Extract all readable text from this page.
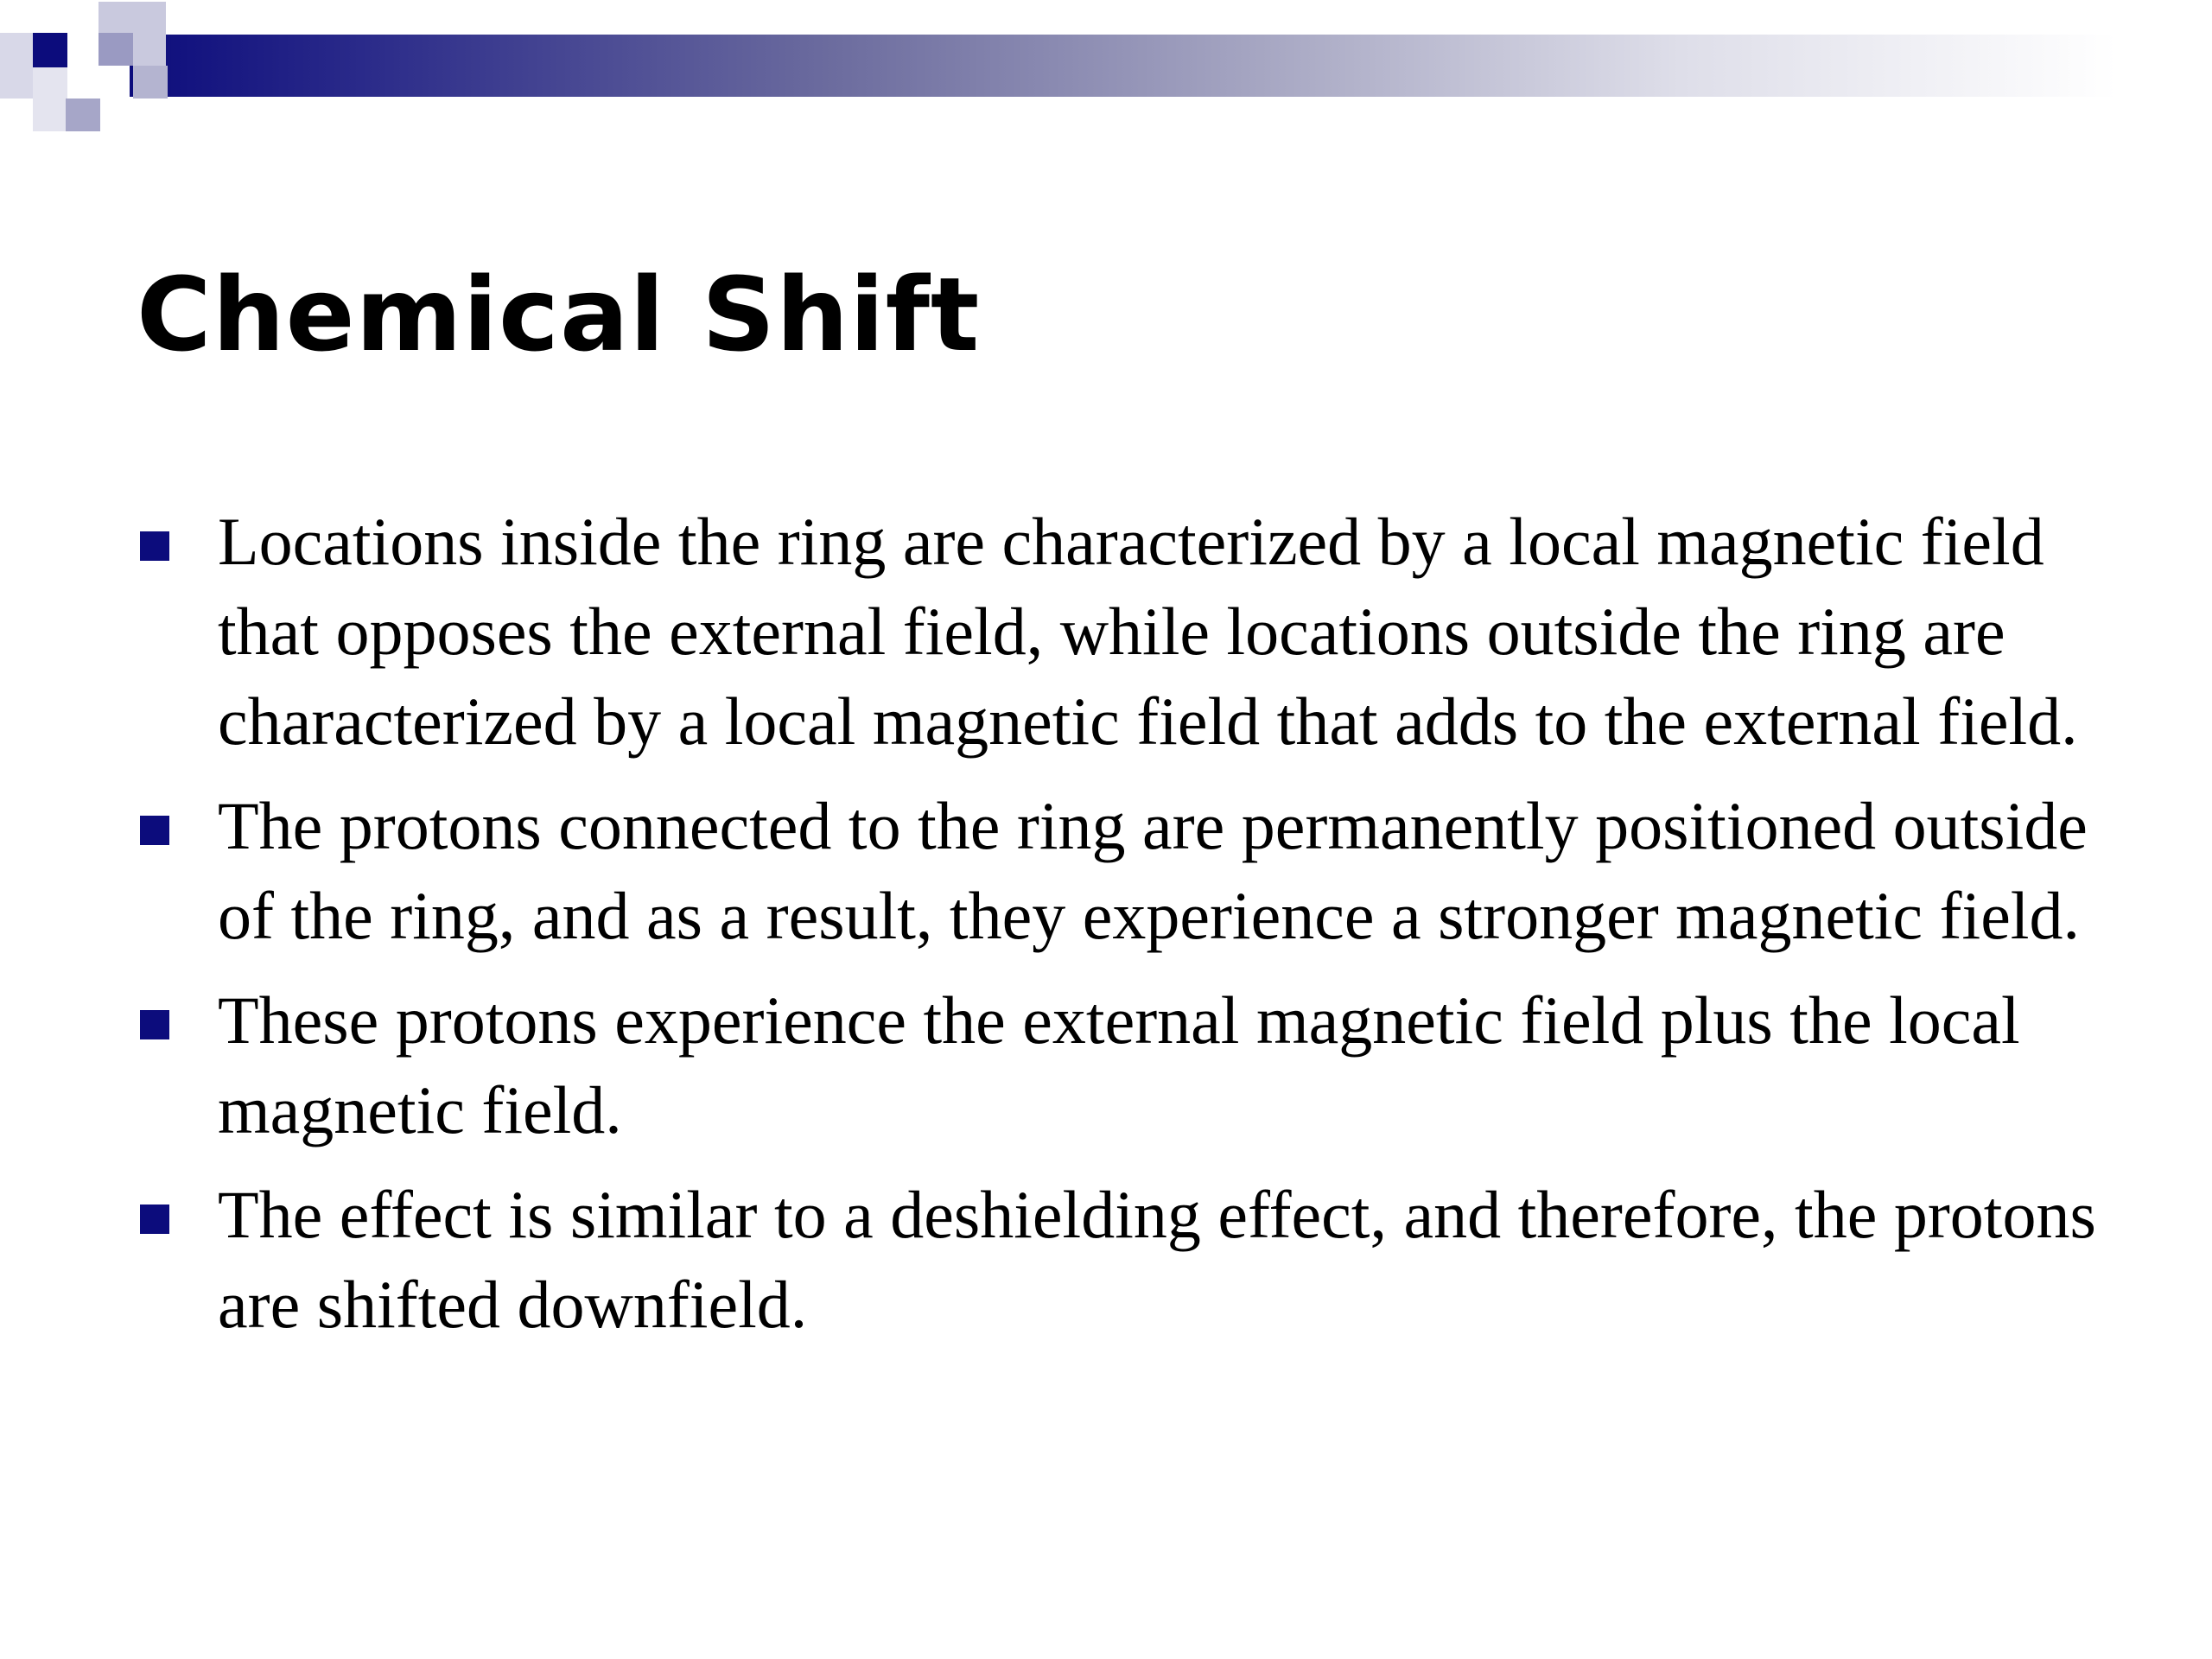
Chemical Shift
Locations inside the ring are characterized by a local magnetic field that opposes the external field, while locations outside the ring are characterized by a local magnetic field that adds to the external field.
The protons connected to the ring are permanently positioned outside of the ring, and as a result, they experience a stronger magnetic field.
These protons experience the external magnetic field plus the local magnetic field.
The effect is similar to a deshielding effect, and therefore, the protons are shifted downfield.
